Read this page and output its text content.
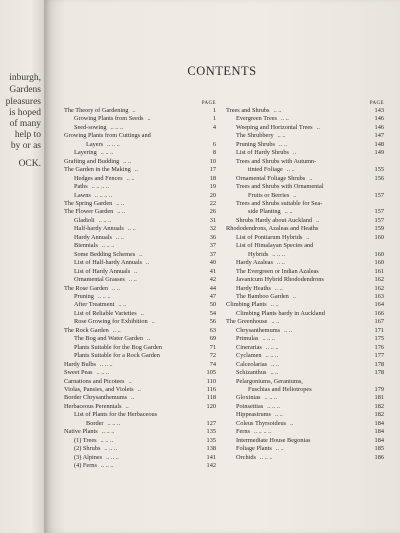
inburgh,
Gardens
pleasures
is hoped
of many
help to
by or as
OCK.
CONTENTS
PAGE
The Theory of Gardening ..	1
Growing Plants from Seeds ..	1
Seed-sowing .. .. ..	4
Growing Plants from Cuttings and
Layers .. .. ..	6
Layering .. .. ..	8
Grafting and Budding .. ..	10
The Garden in the Making ..	17
Hedges and Fences .. ..	18
Paths .. .. .. ..	19
Lawns .. .. .. ..	20
The Spring Garden .. ..	22
The Flower Garden .. ..	26
Gladioli .. .. ..	31
Half-hardy Annuals .. ..	32
Hardy Annuals .. ..	36
Biennials .. .. ..	37
Some Bedding Schemes ..	37
List of Half-hardy Annuals ..	40
List of Hardy Annuals ..	41
Ornamental Grasses .. ..	42
The Rose Garden .. ..	44
Pruning .. .. ..	47
After Treatment .. ..	50
List of Reliable Varieties ..	54
Rose Growing for Exhibition ..	56
The Rock Garden .. ..	63
The Bog and Water Garden ..	69
Plants Suitable for the Bog Garden	71
Plants Suitable for a Rock Garden	72
Hardy Bulbs .. .. ..	74
Sweet Peas .. .. ..	105
Carnations and Picotees ..	110
Violas, Pansies, and Violets ..	116
Border Chrysanthemums ..	118
Herbaceous Perennials ..	120
List of Plants for the Herbaceous
Border .. .. ..	127
Native Plants .. .. ..	135
(1) Trees .. .. ..	135
(2) Shrubs .. .. ..	138
(3) Alpines .. .. ..	141
(4) Ferns .. .. ..	142
PAGE
Trees and Shrubs .. ..	143
Evergreen Trees .. ..	146
Weeping and Horizontal Trees ..	146
The Shrubbery .. ..	147
Pruning Shrubs .. ..	148
List of Hardy Shrubs ..	149
Trees and Shrubs with Autumn-
tinted Foliage .. ..	155
Ornamental Foliage Shrubs ..	156
Trees and Shrubs with Ornamental
Fruits or Berries ..	157
Trees and Shrubs suitable for Sea-
side Planting .. ..	157
Shrubs Hardy about Auckland ..	157
Rhododendrons, Azaleas and Heaths	159
List of Pontiarum Hybrids ..	160
List of Himalayan Species and
Hybrids .. .. ..	160
Hardy Azaleas .. ..	160
The Evergreen or Indian Azaleas	161
Javanicum Hybrid Rhododendrons	162
Hardy Heaths .. ..	162
The Bamboo Garden ..	163
Climbing Plants .. ..	164
Climbing Plants hardy in Auckland	166
The Greenhouse .. ..	167
Chrysanthemums .. ..	171
Primulas .. .. ..	175
Cinerarias .. .. ..	176
Cyclamen .. .. ..	177
Calceolarias .. ..	178
Schizanthus .. ..	178
Pelargoniums, Geraniums,
Fuschias and Heliotropes	179
Gloxinias .. .. ..	181
Poinsettias .. .. ..	182
Hippeastrums .. ..	182
Coleus Thyrsoideus ..	184
Ferns .. .. .. ..	184
Intermediate House Begonias	184
Foliage Plants .. ..	185
Orchids .. .. ..	186
